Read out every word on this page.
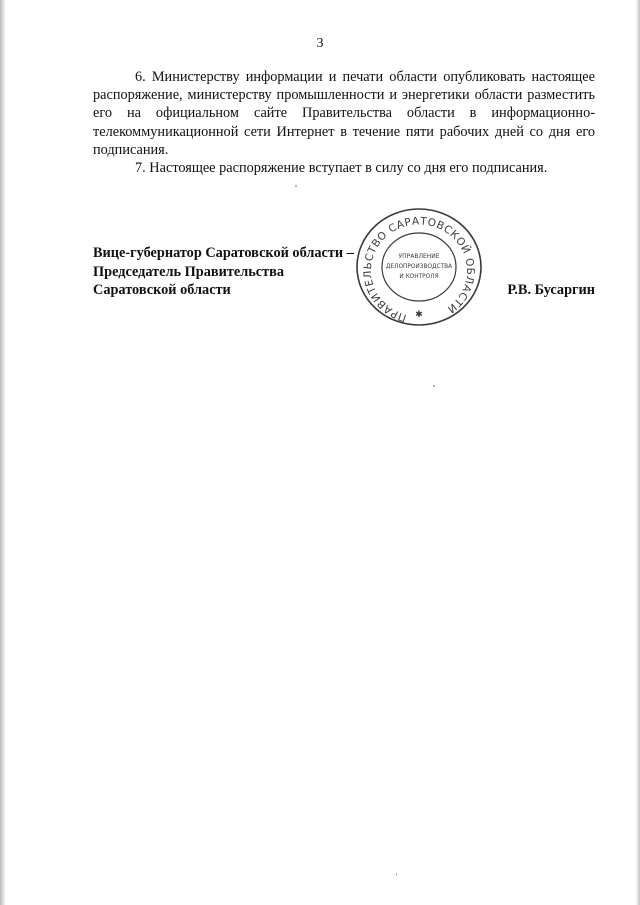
3

6. Министерству информации и печати области опубликовать настоящее распоряжение, министерству промышленности и энергетики области разместить его на официальном сайте Правительства области в информационно-телекоммуникационной сети Интернет в течение пяти рабочих дней со дня его подписания.

7. Настоящее распоряжение вступает в силу со дня его подписания.

Вице-губернатор Саратовской области –
Председатель Правительства
Саратовской области	Р.В. Бусаргин
ПРАВИТЕЛЬСТВО САРАТОВСКОЙ ОБЛАСТИ
УПРАВЛЕНИЕ
ДЕЛОПРОИЗВОДСТВА
И КОНТРОЛЯ
✱
